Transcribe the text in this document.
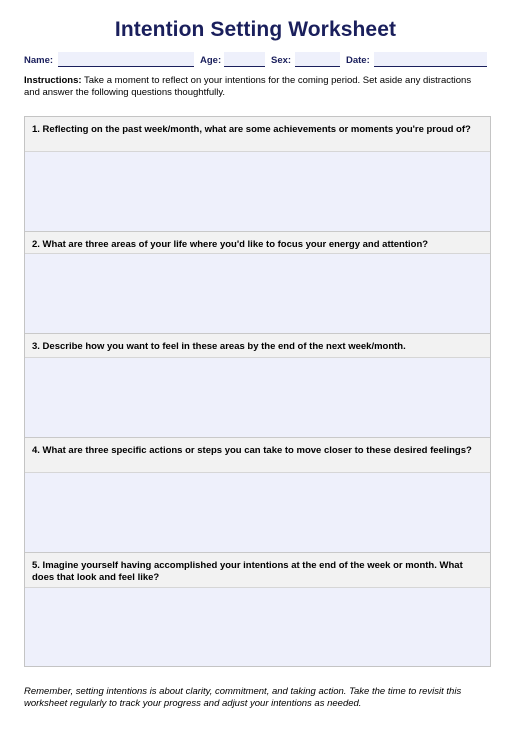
Intention Setting Worksheet
Name:	Age:	Sex:	Date:
Instructions: Take a moment to reflect on your intentions for the coming period. Set aside any distractions and answer the following questions thoughtfully.
1. Reflecting on the past week/month, what are some achievements or moments you're proud of?
2. What are three areas of your life where you'd like to focus your energy and attention?
3. Describe how you want to feel in these areas by the end of the next week/month.
4. What are three specific actions or steps you can take to move closer to these desired feelings?
5. Imagine yourself having accomplished your intentions at the end of the week or month. What does that look and feel like?
Remember, setting intentions is about clarity, commitment, and taking action. Take the time to revisit this worksheet regularly to track your progress and adjust your intentions as needed.
